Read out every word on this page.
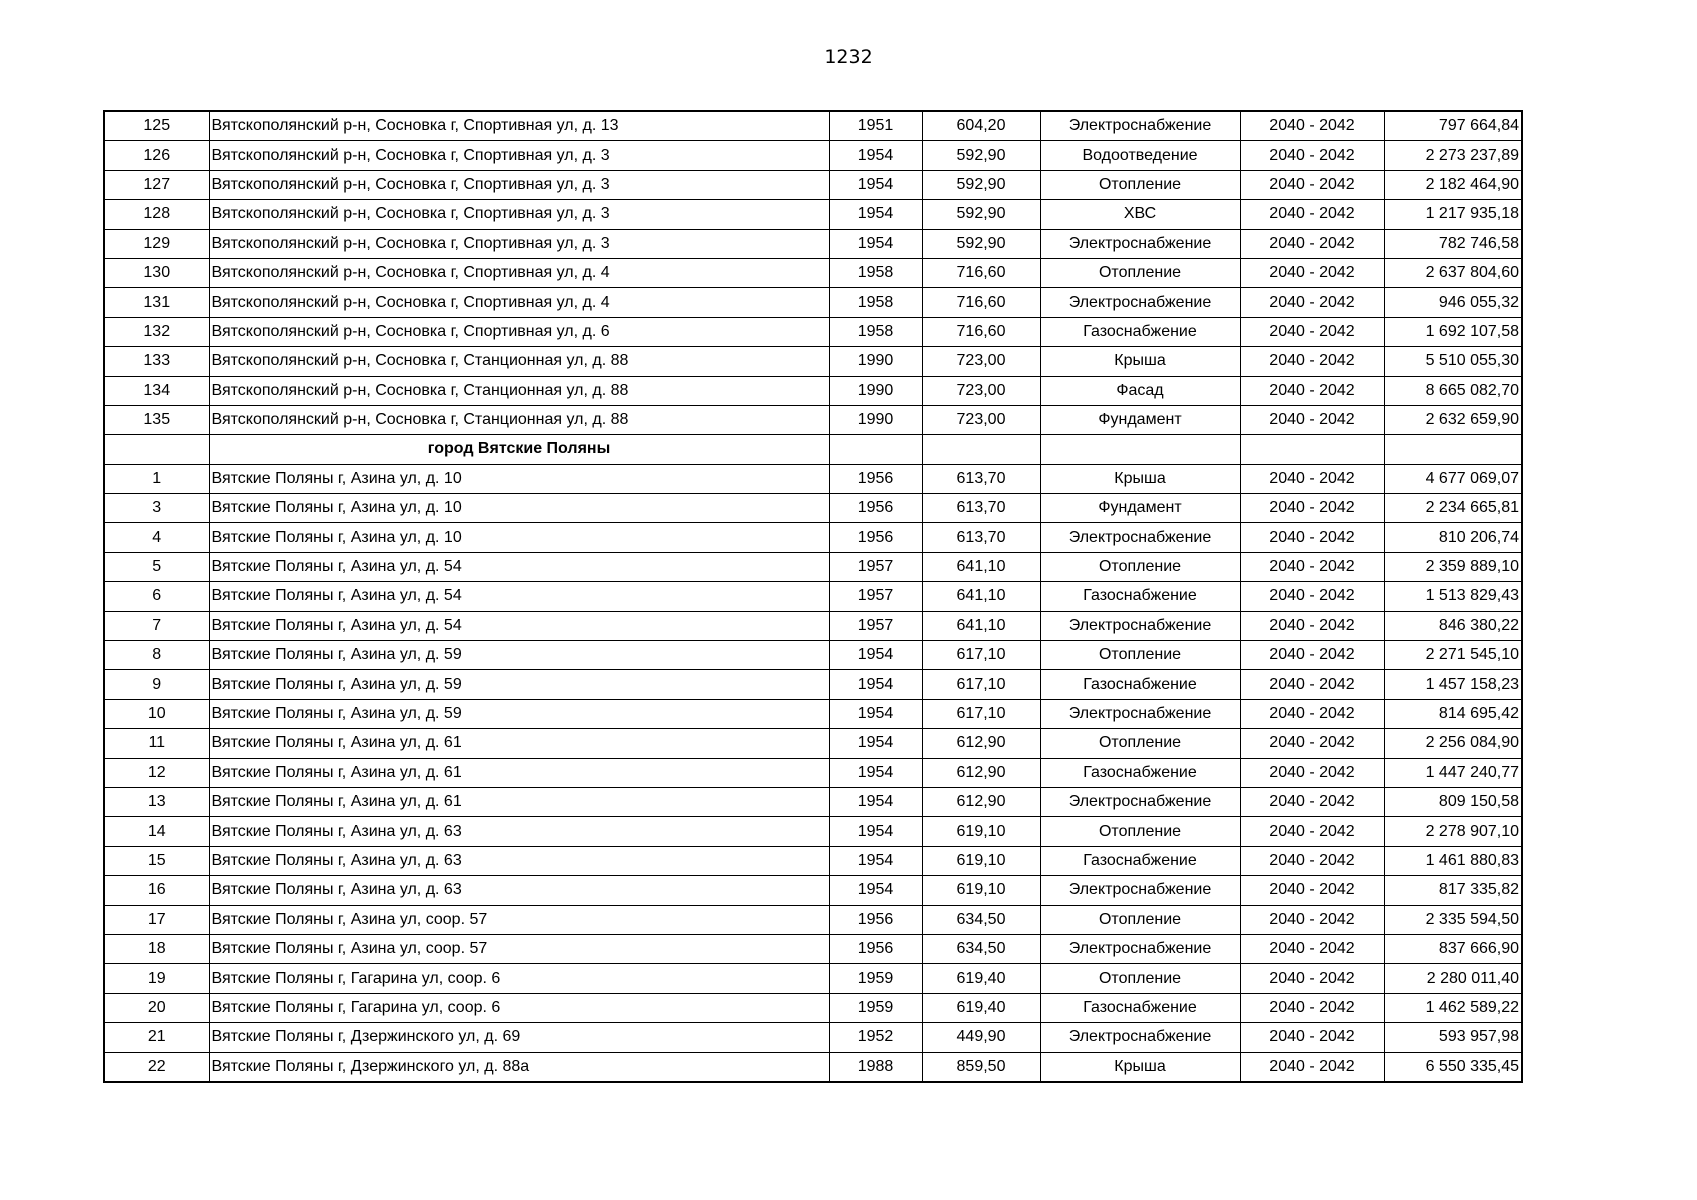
1232
125	Вятскополянский р-н, Сосновка г, Спортивная ул, д. 13	1951	604,20	Электроснабжение	2040 - 2042	797 664,84
126	Вятскополянский р-н, Сосновка г, Спортивная ул, д. 3	1954	592,90	Водоотведение	2040 - 2042	2 273 237,89
127	Вятскополянский р-н, Сосновка г, Спортивная ул, д. 3	1954	592,90	Отопление	2040 - 2042	2 182 464,90
128	Вятскополянский р-н, Сосновка г, Спортивная ул, д. 3	1954	592,90	ХВС	2040 - 2042	1 217 935,18
129	Вятскополянский р-н, Сосновка г, Спортивная ул, д. 3	1954	592,90	Электроснабжение	2040 - 2042	782 746,58
130	Вятскополянский р-н, Сосновка г, Спортивная ул, д. 4	1958	716,60	Отопление	2040 - 2042	2 637 804,60
131	Вятскополянский р-н, Сосновка г, Спортивная ул, д. 4	1958	716,60	Электроснабжение	2040 - 2042	946 055,32
132	Вятскополянский р-н, Сосновка г, Спортивная ул, д. 6	1958	716,60	Газоснабжение	2040 - 2042	1 692 107,58
133	Вятскополянский р-н, Сосновка г, Станционная ул, д. 88	1990	723,00	Крыша	2040 - 2042	5 510 055,30
134	Вятскополянский р-н, Сосновка г, Станционная ул, д. 88	1990	723,00	Фасад	2040 - 2042	8 665 082,70
135	Вятскополянский р-н, Сосновка г, Станционная ул, д. 88	1990	723,00	Фундамент	2040 - 2042	2 632 659,90
	город Вятские Поляны					
1	Вятские Поляны г, Азина ул, д. 10	1956	613,70	Крыша	2040 - 2042	4 677 069,07
3	Вятские Поляны г, Азина ул, д. 10	1956	613,70	Фундамент	2040 - 2042	2 234 665,81
4	Вятские Поляны г, Азина ул, д. 10	1956	613,70	Электроснабжение	2040 - 2042	810 206,74
5	Вятские Поляны г, Азина ул, д. 54	1957	641,10	Отопление	2040 - 2042	2 359 889,10
6	Вятские Поляны г, Азина ул, д. 54	1957	641,10	Газоснабжение	2040 - 2042	1 513 829,43
7	Вятские Поляны г, Азина ул, д. 54	1957	641,10	Электроснабжение	2040 - 2042	846 380,22
8	Вятские Поляны г, Азина ул, д. 59	1954	617,10	Отопление	2040 - 2042	2 271 545,10
9	Вятские Поляны г, Азина ул, д. 59	1954	617,10	Газоснабжение	2040 - 2042	1 457 158,23
10	Вятские Поляны г, Азина ул, д. 59	1954	617,10	Электроснабжение	2040 - 2042	814 695,42
11	Вятские Поляны г, Азина ул, д. 61	1954	612,90	Отопление	2040 - 2042	2 256 084,90
12	Вятские Поляны г, Азина ул, д. 61	1954	612,90	Газоснабжение	2040 - 2042	1 447 240,77
13	Вятские Поляны г, Азина ул, д. 61	1954	612,90	Электроснабжение	2040 - 2042	809 150,58
14	Вятские Поляны г, Азина ул, д. 63	1954	619,10	Отопление	2040 - 2042	2 278 907,10
15	Вятские Поляны г, Азина ул, д. 63	1954	619,10	Газоснабжение	2040 - 2042	1 461 880,83
16	Вятские Поляны г, Азина ул, д. 63	1954	619,10	Электроснабжение	2040 - 2042	817 335,82
17	Вятские Поляны г, Азина ул, соор. 57	1956	634,50	Отопление	2040 - 2042	2 335 594,50
18	Вятские Поляны г, Азина ул, соор. 57	1956	634,50	Электроснабжение	2040 - 2042	837 666,90
19	Вятские Поляны г, Гагарина ул, соор. 6	1959	619,40	Отопление	2040 - 2042	2 280 011,40
20	Вятские Поляны г, Гагарина ул, соор. 6	1959	619,40	Газоснабжение	2040 - 2042	1 462 589,22
21	Вятские Поляны г, Дзержинского ул, д. 69	1952	449,90	Электроснабжение	2040 - 2042	593 957,98
22	Вятские Поляны г, Дзержинского ул, д. 88а	1988	859,50	Крыша	2040 - 2042	6 550 335,45
